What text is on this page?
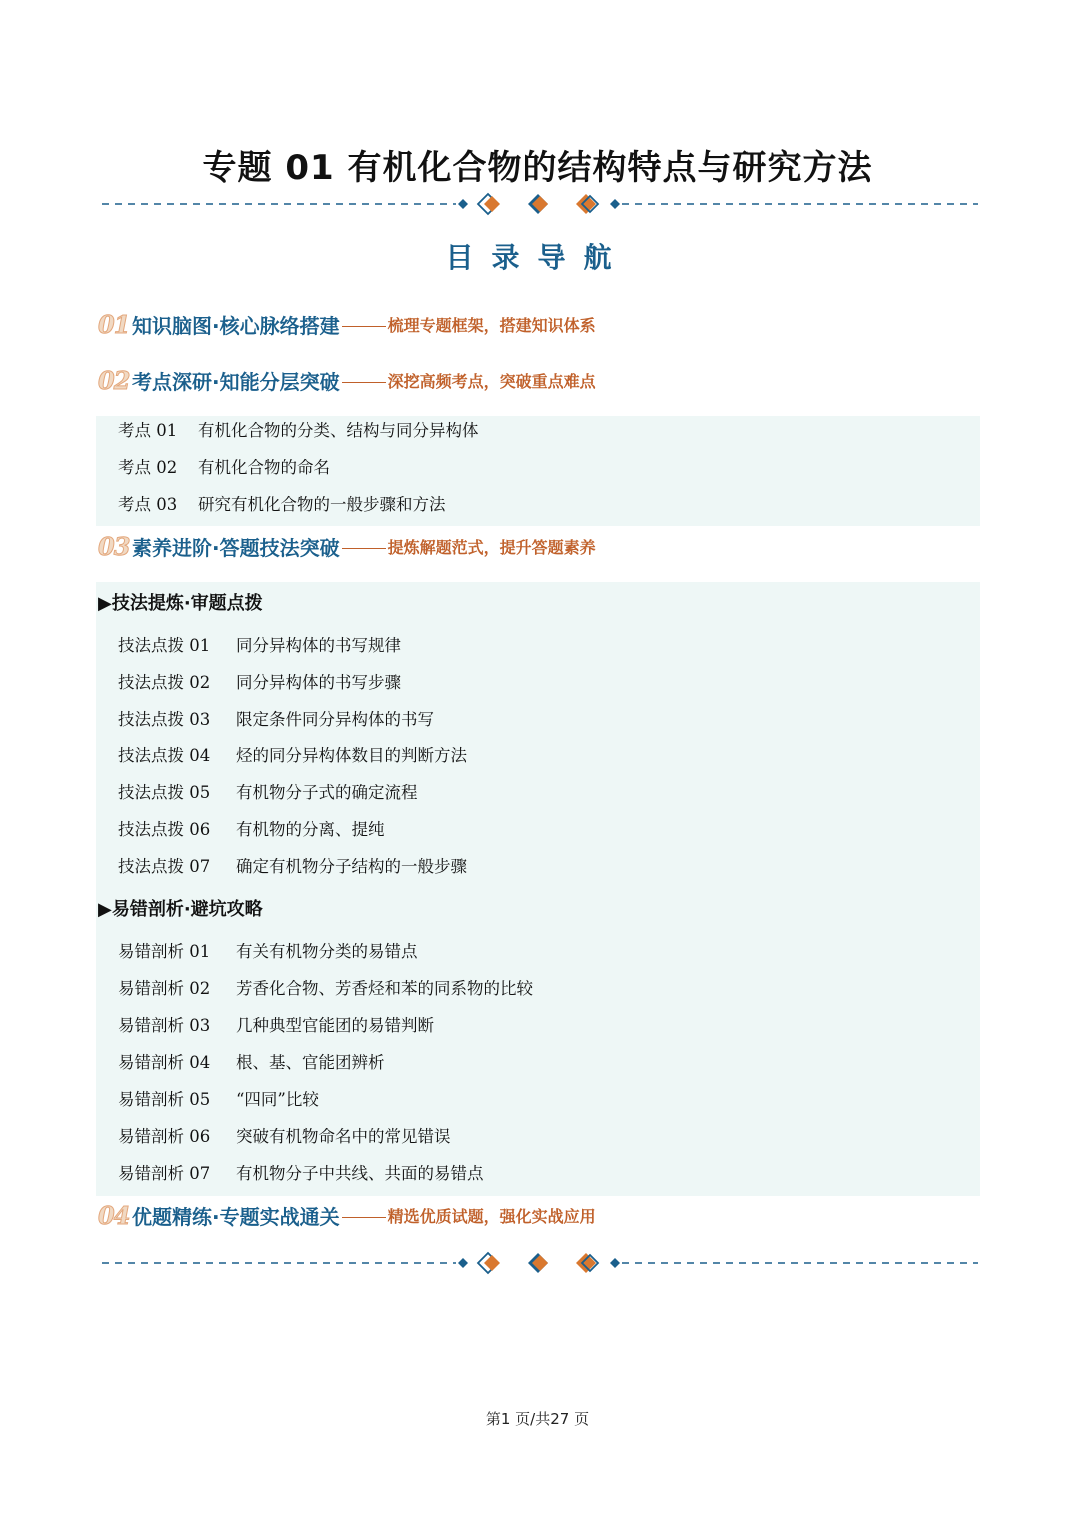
专题 01 有机化合物的结构特点与研究方法
目录导航
01 知识脑图·核心脉络搭建	梳理专题框架，搭建知识体系
02 考点深研·知能分层突破	深挖高频考点，突破重点难点
考点 01	有机化合物的分类、结构与同分异构体
考点 02	有机化合物的命名
考点 03	研究有机化合物的一般步骤和方法
03 素养进阶·答题技法突破	提炼解题范式，提升答题素养
▶技法提炼·审题点拨
技法点拨 01	同分异构体的书写规律
技法点拨 02	同分异构体的书写步骤
技法点拨 03	限定条件同分异构体的书写
技法点拨 04	烃的同分异构体数目的判断方法
技法点拨 05	有机物分子式的确定流程
技法点拨 06	有机物的分离、提纯
技法点拨 07	确定有机物分子结构的一般步骤
▶易错剖析·避坑攻略
易错剖析 01	有关有机物分类的易错点
易错剖析 02	芳香化合物、芳香烃和苯的同系物的比较
易错剖析 03	几种典型官能团的易错判断
易错剖析 04	根、基、官能团辨析
易错剖析 05	“四同”比较
易错剖析 06	突破有机物命名中的常见错误
易错剖析 07	有机物分子中共线、共面的易错点
04 优题精练·专题实战通关	精选优质试题，强化实战应用
第1 页/共27 页
